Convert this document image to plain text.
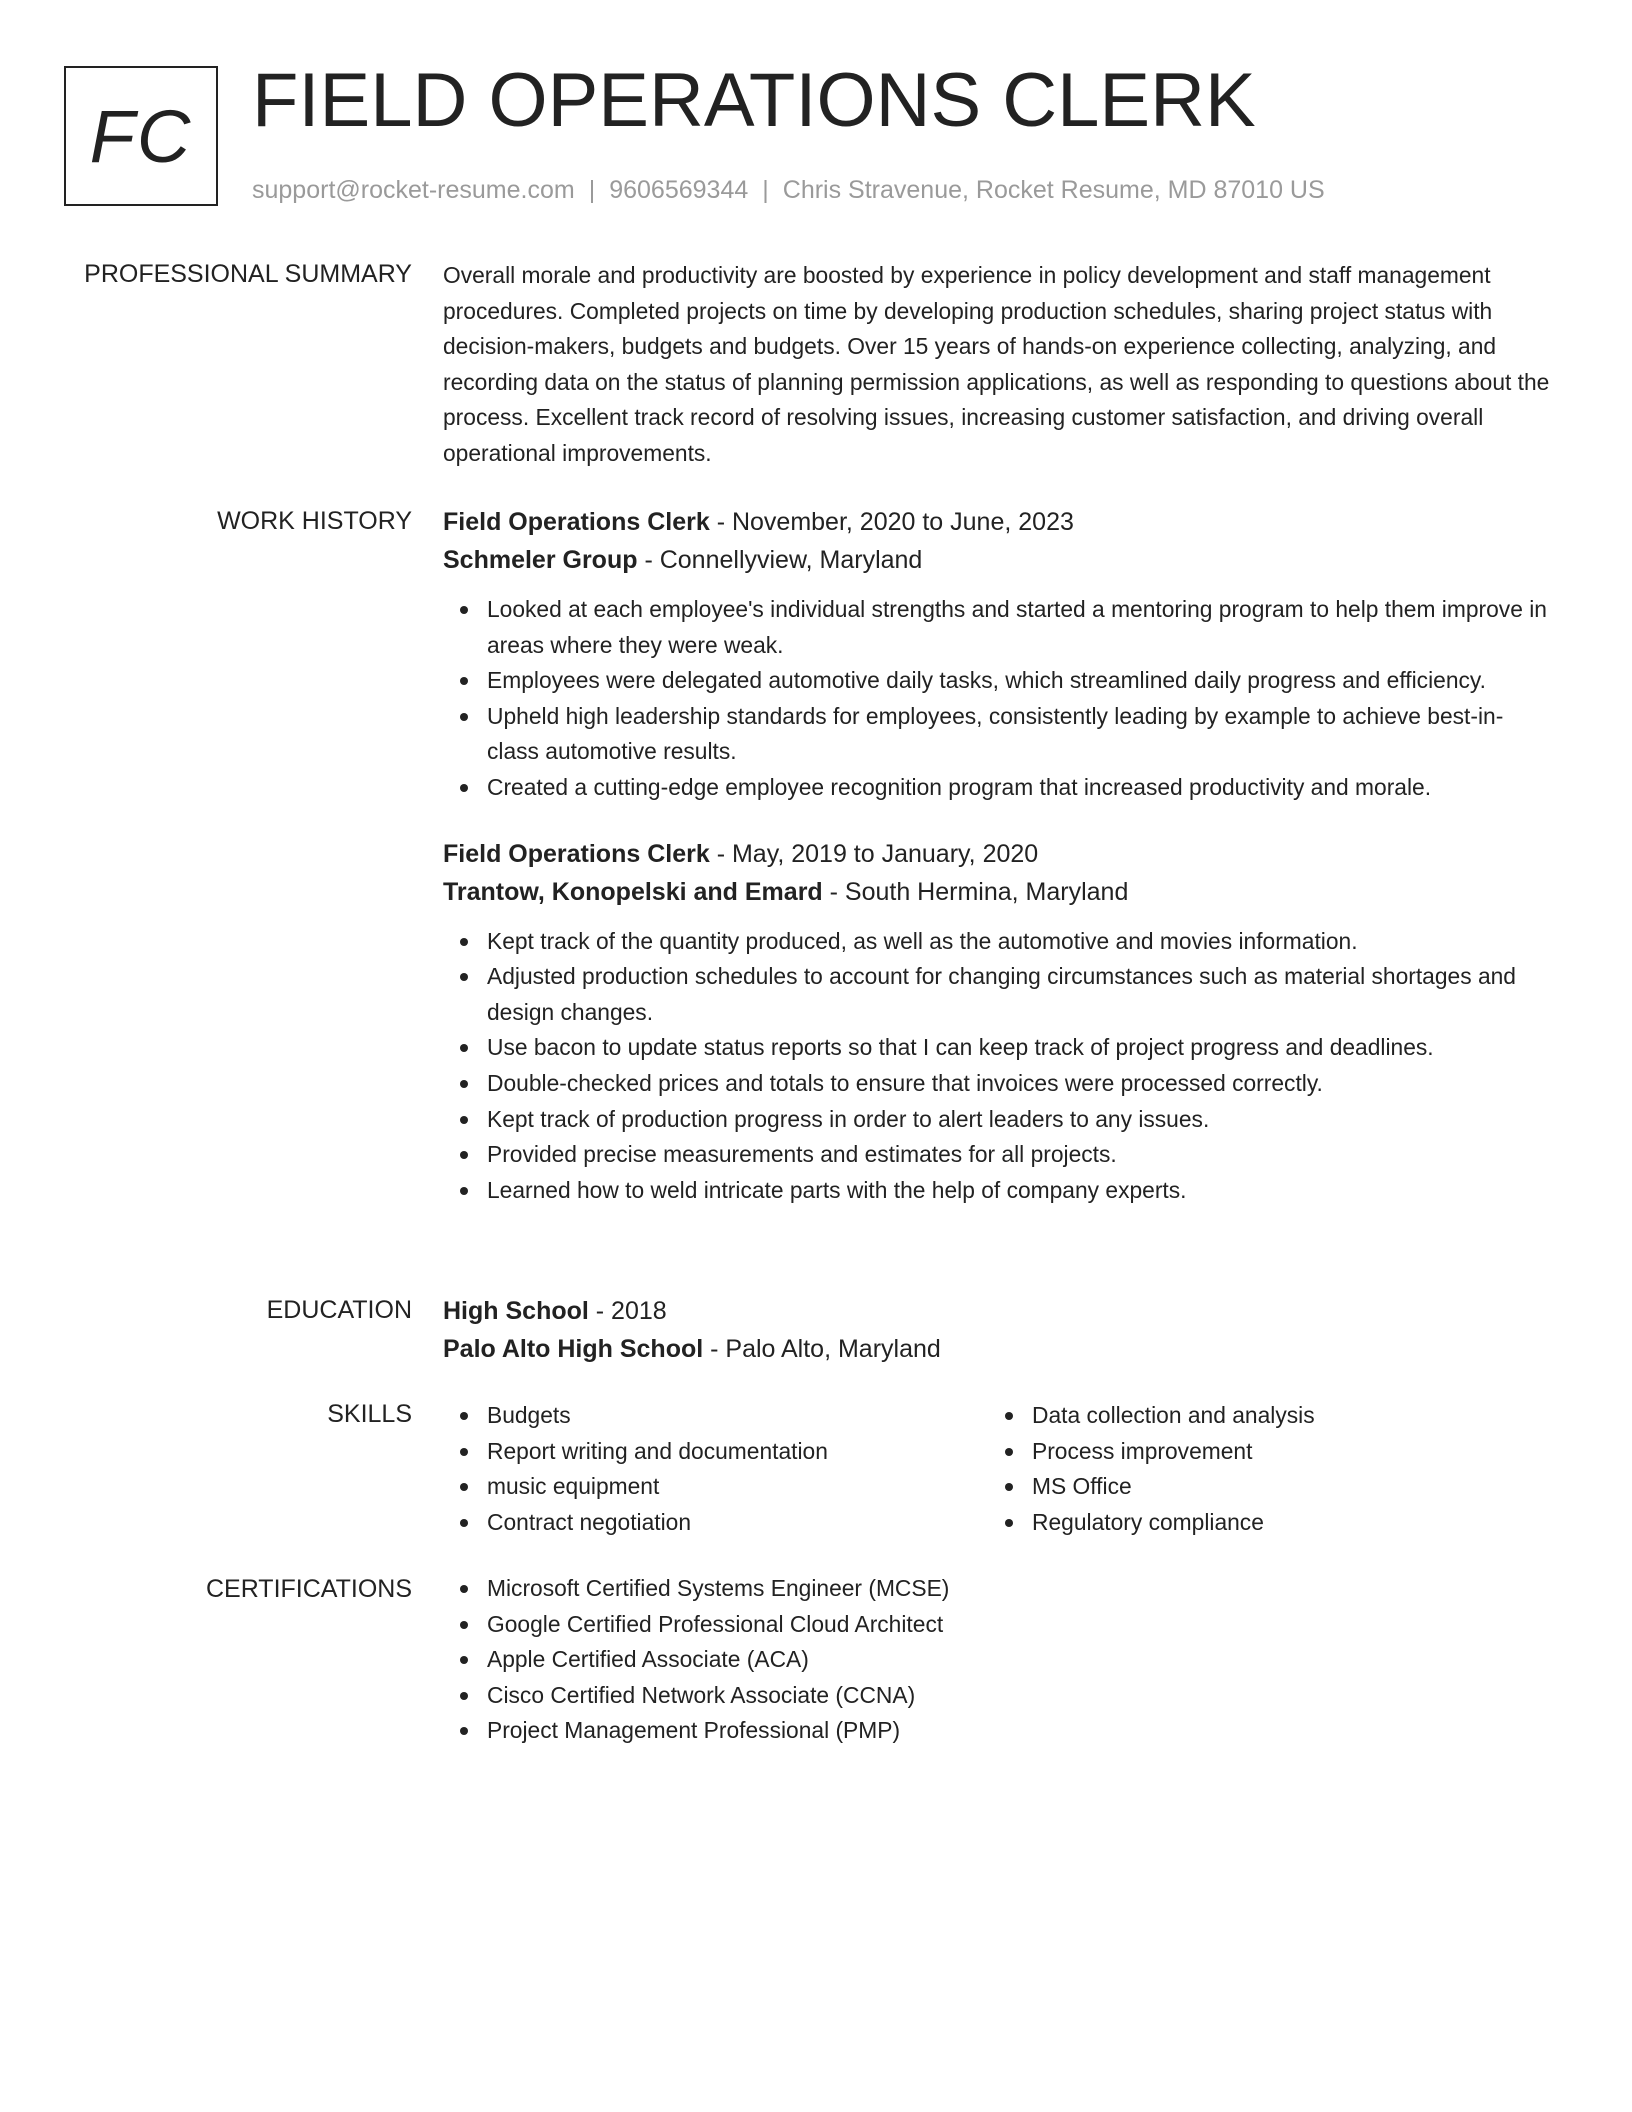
FC FIELD OPERATIONS CLERK
support@rocket-resume.com | 9606569344 | Chris Stravenue, Rocket Resume, MD 87010 US
PROFESSIONAL SUMMARY Overall morale and productivity are boosted by experience in policy development and staff management procedures. Completed projects on time by developing production schedules, sharing project status with decision-makers, budgets and budgets. Over 15 years of hands-on experience collecting, analyzing, and recording data on the status of planning permission applications, as well as responding to questions about the process. Excellent track record of resolving issues, increasing customer satisfaction, and driving overall operational improvements.

WORK HISTORY Field Operations Clerk - November, 2020 to June, 2023
Schmeler Group - Connellyview, Maryland
Looked at each employee's individual strengths and started a mentoring program to help them improve in areas where they were weak.
Employees were delegated automotive daily tasks, which streamlined daily progress and efficiency.
Upheld high leadership standards for employees, consistently leading by example to achieve best-in-class automotive results.
Created a cutting-edge employee recognition program that increased productivity and morale.
Field Operations Clerk - May, 2019 to January, 2020
Trantow, Konopelski and Emard - South Hermina, Maryland
Kept track of the quantity produced, as well as the automotive and movies information.
Adjusted production schedules to account for changing circumstances such as material shortages and design changes.
Use bacon to update status reports so that I can keep track of project progress and deadlines.
Double-checked prices and totals to ensure that invoices were processed correctly.
Kept track of production progress in order to alert leaders to any issues.
Provided precise measurements and estimates for all projects.
Learned how to weld intricate parts with the help of company experts.
EDUCATION High School - 2018
Palo Alto High School - Palo Alto, Maryland
SKILLS	Budgets
Report writing and documentation
music equipment
Contract negotiation
Data collection and analysis
Process improvement
MS Office
Regulatory compliance
CERTIFICATIONS	Microsoft Certified Systems Engineer (MCSE)
Google Certified Professional Cloud Architect
Apple Certified Associate (ACA)
Cisco Certified Network Associate (CCNA)
Project Management Professional (PMP)
